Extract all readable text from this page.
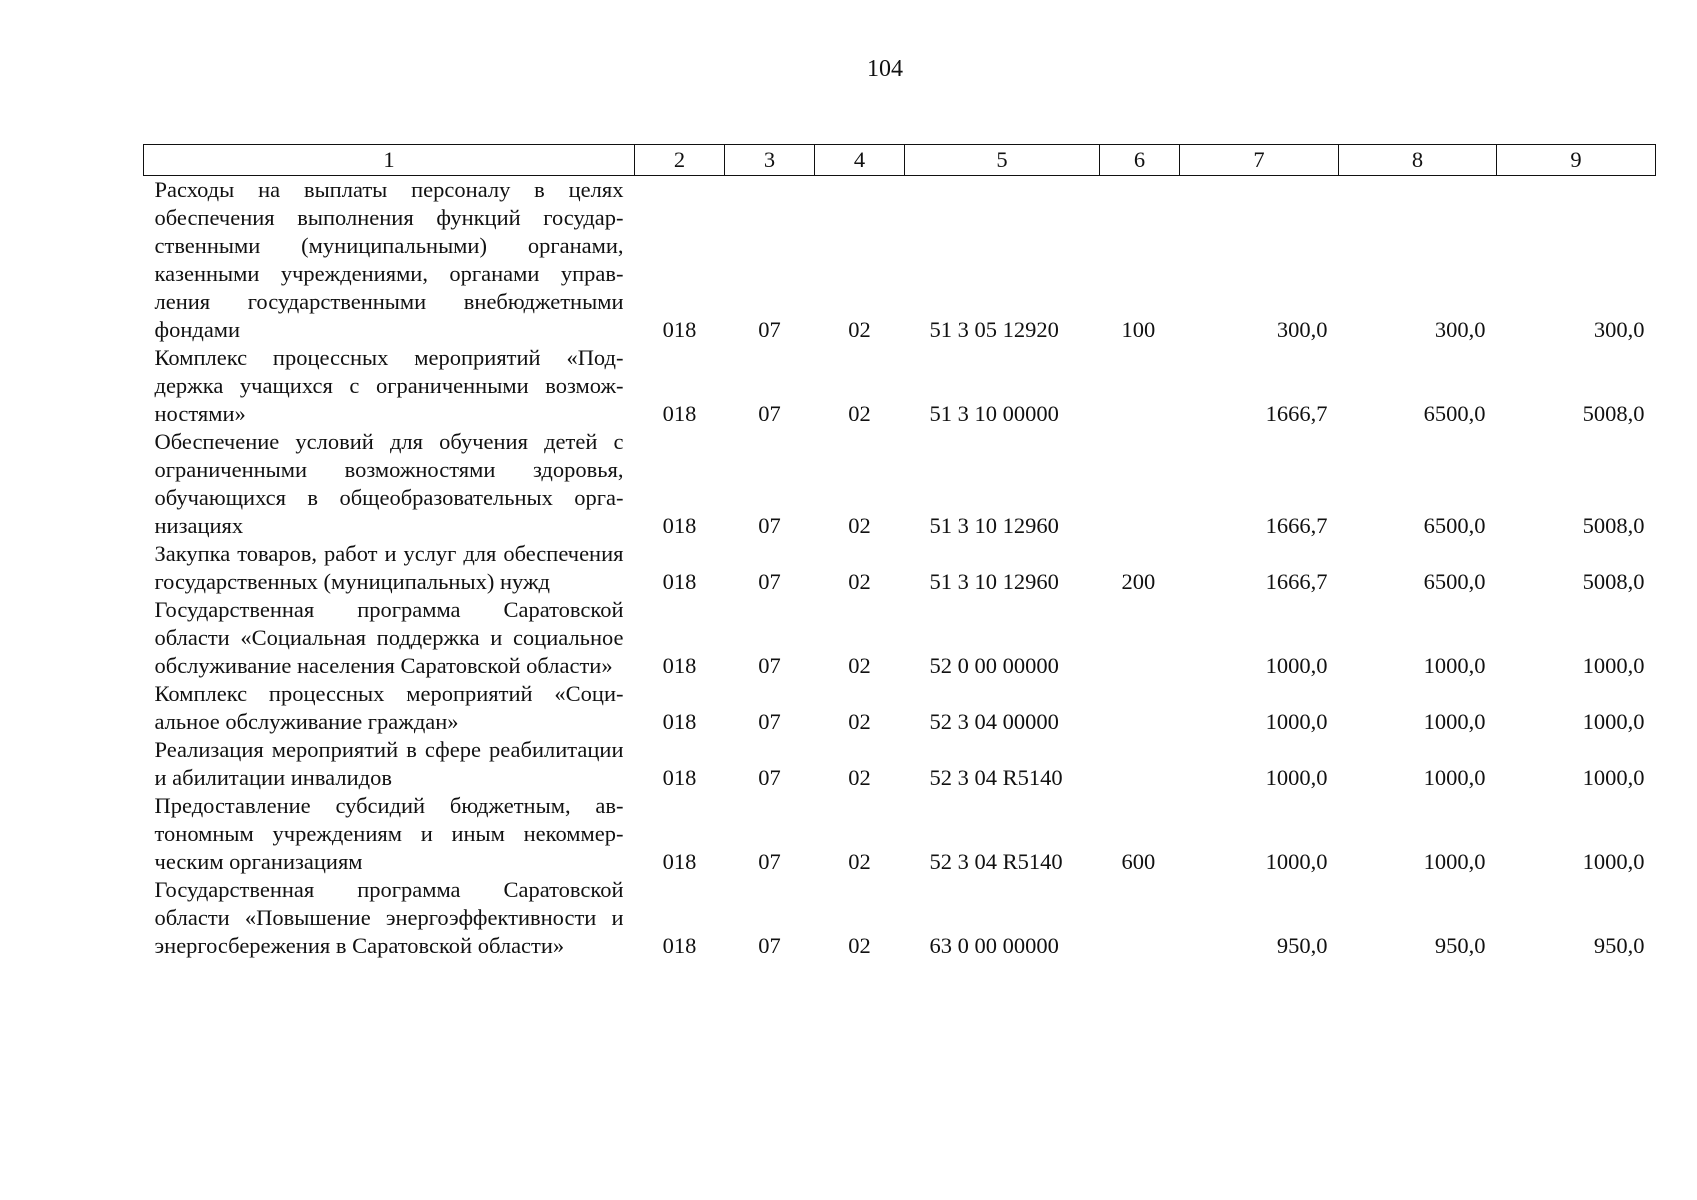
104
1	2	3	4	5	6	7	8	9
Расходы на выплаты персоналу в целях обеспечения выполнения функций государственными (муниципальными) органами, казенными учреждениями, органами управления государственными внебюджетными фондами	018	07	02	51 3 05 12920	100	300,0	300,0	300,0
Комплекс процессных мероприятий «Поддержка учащихся с ограниченными возможностями»	018	07	02	51 3 10 00000		1666,7	6500,0	5008,0
Обеспечение условий для обучения детей с ограниченными возможностями здоровья, обучающихся в общеобразовательных организациях	018	07	02	51 3 10 12960		1666,7	6500,0	5008,0
Закупка товаров, работ и услуг для обеспечения государственных (муниципальных) нужд	018	07	02	51 3 10 12960	200	1666,7	6500,0	5008,0
Государственная программа Саратовской области «Социальная поддержка и социальное обслуживание населения Саратовской области»	018	07	02	52 0 00 00000		1000,0	1000,0	1000,0
Комплекс процессных мероприятий «Социальное обслуживание граждан»	018	07	02	52 3 04 00000		1000,0	1000,0	1000,0
Реализация мероприятий в сфере реабилитации и абилитации инвалидов	018	07	02	52 3 04 R5140		1000,0	1000,0	1000,0
Предоставление субсидий бюджетным, автономным учреждениям и иным некоммерческим организациям	018	07	02	52 3 04 R5140	600	1000,0	1000,0	1000,0
Государственная программа Саратовской области «Повышение энергоэффективности и энергосбережения в Саратовской области»	018	07	02	63 0 00 00000		950,0	950,0	950,0
